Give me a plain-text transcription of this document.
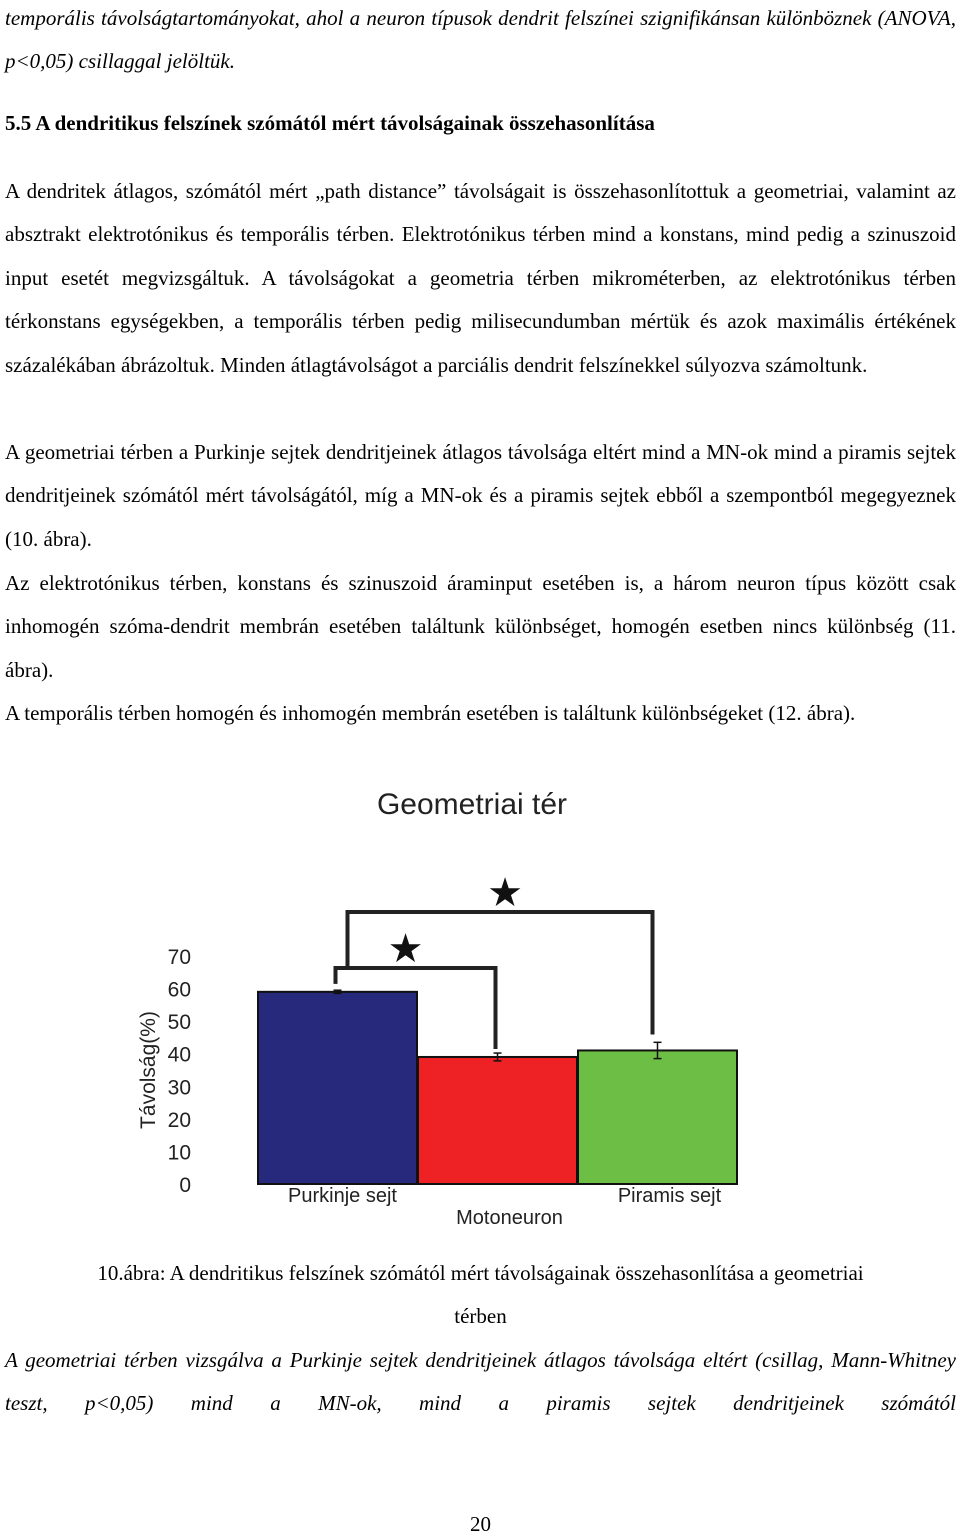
temporális távolságtartományokat, ahol a neuron típusok dendrit felszínei szignifikánsan különböznek (ANOVA, p<0,05) csillaggal jelöltük.

5.5 A dendritikus felszínek szómától mért távolságainak összehasonlítása

A dendritek átlagos, szómától mért „path distance” távolságait is összehasonlítottuk a geometriai, valamint az absztrakt elektrotónikus és temporális térben. Elektrotónikus térben mind a konstans, mind pedig a szinuszoid input esetét megvizsgáltuk. A távolságokat a geometria térben mikrométerben, az elektrotónikus térben térkonstans egységekben, a temporális térben pedig milisecundumban mértük és azok maximális értékének százalékában ábrázoltuk. Minden átlagtávolságot a parciális dendrit felszínekkel súlyozva számoltunk.

A geometriai térben a Purkinje sejtek dendritjeinek átlagos távolsága eltért mind a MN-ok mind a piramis sejtek dendritjeinek szómától mért távolságától, míg a MN-ok és a piramis sejtek ebből a szempontból megegyeznek (10. ábra).

Az elektrotónikus térben, konstans és szinuszoid áraminput esetében is, a három neuron típus között csak inhomogén szóma-dendrit membrán esetében találtunk különbséget, homogén esetben nincs különbség (11. ábra).

A temporális térben homogén és inhomogén membrán esetében is találtunk különbségeket (12. ábra).

Geometriai tér
Távolság(%)
0
10
20
30
40
50
60
70
Purkinje sejt
Motoneuron
Piramis sejt
★
★
10.ábra: A dendritikus felszínek szómától mért távolságainak összehasonlítása a geometriai
térben

A geometriai térben vizsgálva a Purkinje sejtek dendritjeinek átlagos távolsága eltért (csillag, Mann-Whitney teszt, p<0,05) mind a MN-ok, mind a piramis sejtek dendritjeinek szómától

20
